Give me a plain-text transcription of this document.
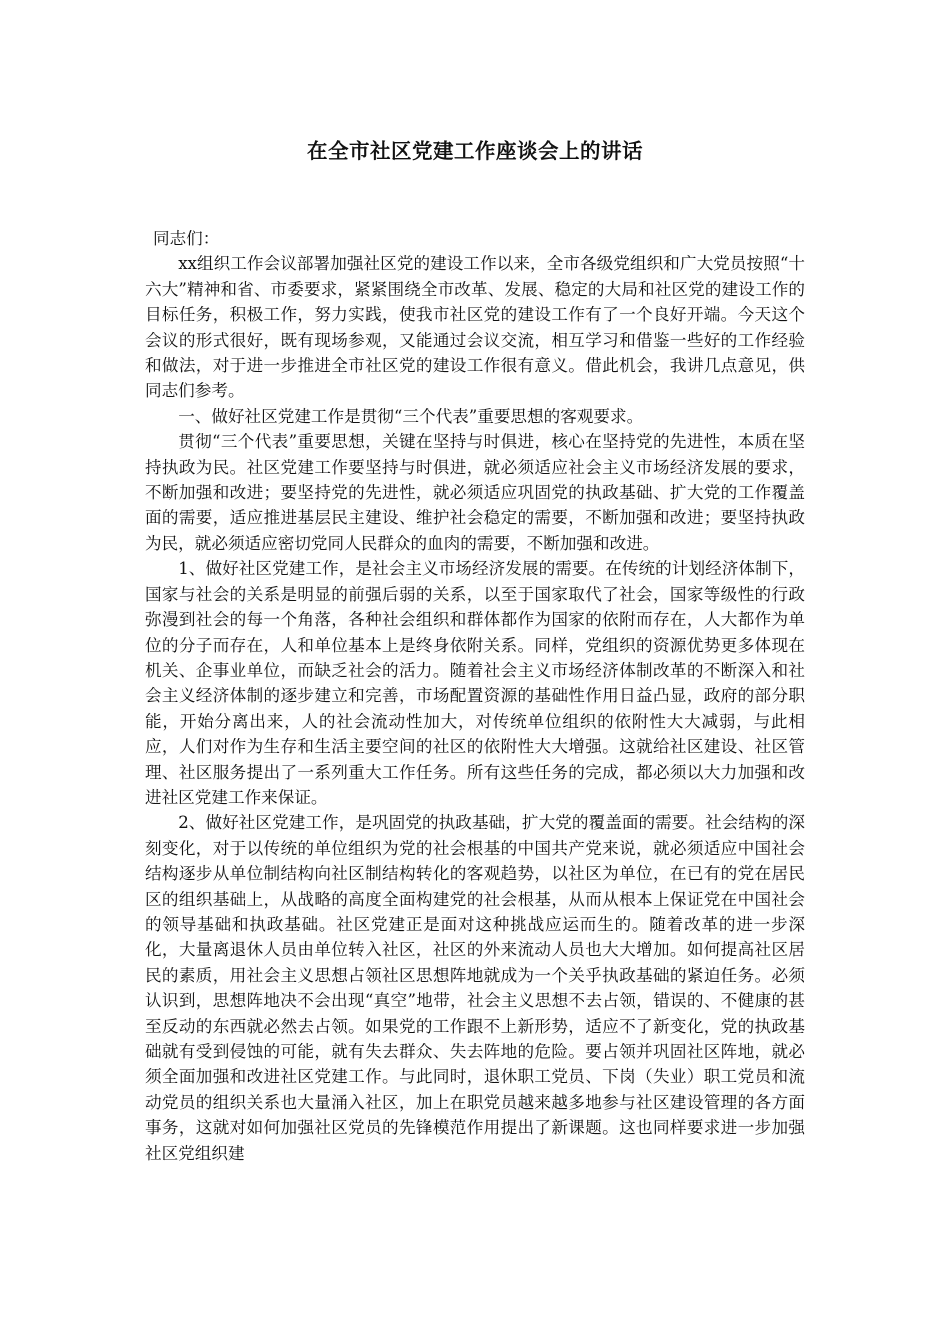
在全市社区党建工作座谈会上的讲话

同志们：

xx组织工作会议部署加强社区党的建设工作以来，全市各级党组织和广大党员按照“十六大”精神和省、市委要求，紧紧围绕全市改革、发展、稳定的大局和社区党的建设工作的目标任务，积极工作，努力实践，使我市社区党的建设工作有了一个良好开端。今天这个会议的形式很好，既有现场参观，又能通过会议交流，相互学习和借鉴一些好的工作经验和做法，对于进一步推进全市社区党的建设工作很有意义。借此机会，我讲几点意见，供同志们参考。

一、做好社区党建工作是贯彻“三个代表”重要思想的客观要求。

贯彻“三个代表”重要思想，关键在坚持与时俱进，核心在坚持党的先进性，本质在坚持执政为民。社区党建工作要坚持与时俱进，就必须适应社会主义市场经济发展的要求，不断加强和改进；要坚持党的先进性，就必须适应巩固党的执政基础、扩大党的工作覆盖面的需要，适应推进基层民主建设、维护社会稳定的需要，不断加强和改进；要坚持执政为民，就必须适应密切党同人民群众的血肉的需要，不断加强和改进。

1、做好社区党建工作，是社会主义市场经济发展的需要。在传统的计划经济体制下，国家与社会的关系是明显的前强后弱的关系，以至于国家取代了社会，国家等级性的行政弥漫到社会的每一个角落，各种社会组织和群体都作为国家的依附而存在，人大都作为单位的分子而存在，人和单位基本上是终身依附关系。同样，党组织的资源优势更多体现在机关、企事业单位，而缺乏社会的活力。随着社会主义市场经济体制改革的不断深入和社会主义经济体制的逐步建立和完善，市场配置资源的基础性作用日益凸显，政府的部分职能，开始分离出来，人的社会流动性加大，对传统单位组织的依附性大大减弱，与此相应，人们对作为生存和生活主要空间的社区的依附性大大增强。这就给社区建设、社区管理、社区服务提出了一系列重大工作任务。所有这些任务的完成，都必须以大力加强和改进社区党建工作来保证。

2、做好社区党建工作，是巩固党的执政基础，扩大党的覆盖面的需要。社会结构的深刻变化，对于以传统的单位组织为党的社会根基的中国共产党来说，就必须适应中国社会结构逐步从单位制结构向社区制结构转化的客观趋势，以社区为单位，在已有的党在居民区的组织基础上，从战略的高度全面构建党的社会根基，从而从根本上保证党在中国社会的领导基础和执政基础。社区党建正是面对这种挑战应运而生的。随着改革的进一步深化，大量离退休人员由单位转入社区，社区的外来流动人员也大大增加。如何提高社区居民的素质，用社会主义思想占领社区思想阵地就成为一个关乎执政基础的紧迫任务。必须认识到，思想阵地决不会出现“真空”地带，社会主义思想不去占领，错误的、不健康的甚至反动的东西就必然去占领。如果党的工作跟不上新形势，适应不了新变化，党的执政基础就有受到侵蚀的可能，就有失去群众、失去阵地的危险。要占领并巩固社区阵地，就必须全面加强和改进社区党建工作。与此同时，退休职工党员、下岗（失业）职工党员和流动党员的组织关系也大量涌入社区，加上在职党员越来越多地参与社区建设管理的各方面事务，这就对如何加强社区党员的先锋模范作用提出了新课题。这也同样要求进一步加强社区党组织建
